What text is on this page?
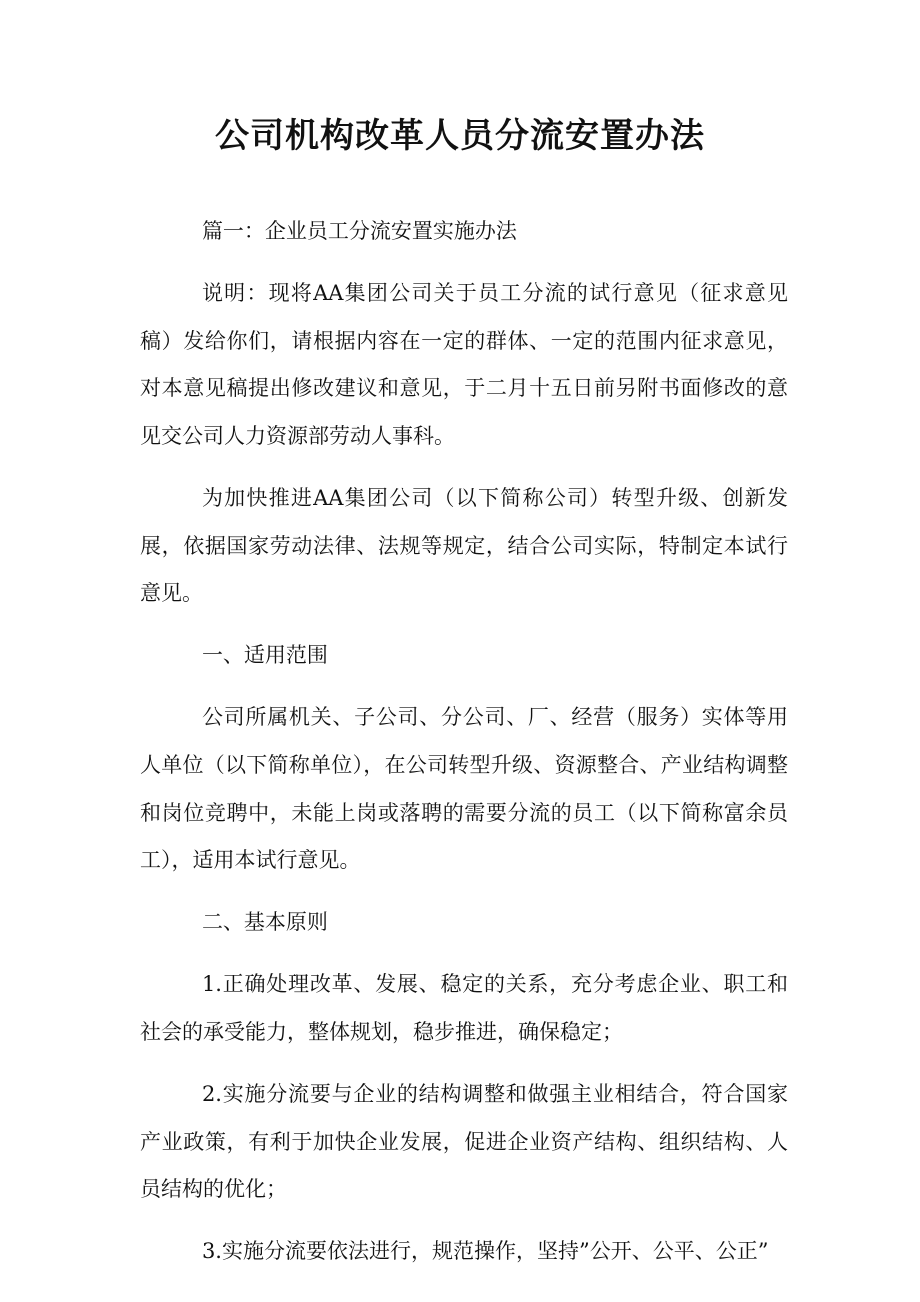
公司机构改革人员分流安置办法

篇一：企业员工分流安置实施办法

说明：现将AA集团公司关于员工分流的试行意见（征求意见稿）发给你们，请根据内容在一定的群体、一定的范围内征求意见，对本意见稿提出修改建议和意见，于二月十五日前另附书面修改的意见交公司人力资源部劳动人事科。

为加快推进AA集团公司（以下简称公司）转型升级、创新发展，依据国家劳动法律、法规等规定，结合公司实际，特制定本试行意见。

一、适用范围

公司所属机关、子公司、分公司、厂、经营（服务）实体等用人单位（以下简称单位），在公司转型升级、资源整合、产业结构调整和岗位竞聘中，未能上岗或落聘的需要分流的员工（以下简称富余员工），适用本试行意见。

二、基本原则

1.正确处理改革、发展、稳定的关系，充分考虑企业、职工和社会的承受能力，整体规划，稳步推进，确保稳定；

2.实施分流要与企业的结构调整和做强主业相结合，符合国家产业政策，有利于加快企业发展，促进企业资产结构、组织结构、人员结构的优化；

3.实施分流要依法进行，规范操作，坚持”公开、公平、公正”
